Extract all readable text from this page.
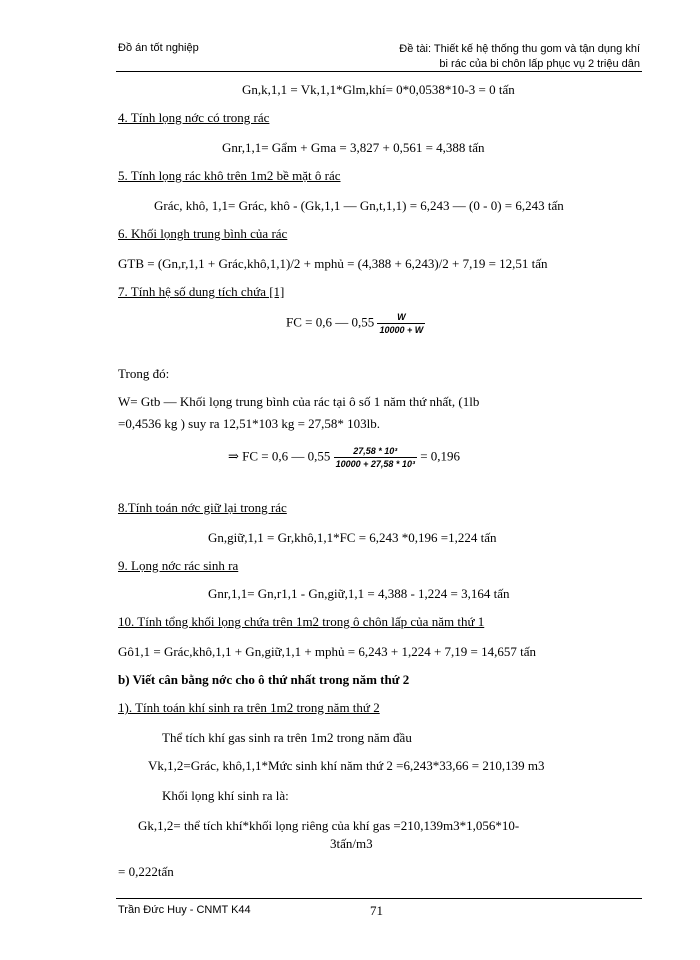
Đồ án tốt nghiệp	Đề tài: Thiết kế hệ thống thu gom và tận dụng khí
bi rác của bi chôn lấp phục vụ 2 triệu dân
Gn,k,1,1 = Vk,1,1*Glm,khí= 0*0,0538*10-3 = 0 tấn
4. Tính lọng nớc có trong rác
Gnr,1,1= Gẩm + Gma = 3,827 + 0,561 = 4,388 tấn
5. Tính lọng rác khô trên 1m2 bề mặt ô rác
Grác, khô, 1,1= Grác, khô - (Gk,1,1 — Gn,t,1,1) = 6,243 — (0 - 0) = 6,243 tấn
6. Khối lọngh trung bình của rác
GTB = (Gn,r,1,1 + Grác,khô,1,1)/2 + mphủ = (4,388 + 6,243)/2 + 7,19 = 12,51 tấn
7. Tính hệ số dung tích chứa [1]
FC = 0,6 — $0,55 \frac{W}{10000 + W}$
Trong đó:
W= Gtb — Khối lọng trung bình của rác tại ô số 1 năm thứ nhất, (1lb
=0,4536 kg ) suy ra 12,51*103 kg = 27,58* 103lb.
⇒ FC = 0,6 — $0,55 \frac{\text{27,58 * 10³}}{\text{10000 + 27,58 * 10³}} = 0,196$
8.Tính toán nớc giữ lại trong rác
Gn,giữ,1,1 = Gr,khô,1,1*FC = 6,243 *0,196 =1,224 tấn
9. Lọng nớc rác sinh ra
Gnr,1,1= Gn,r1,1 - Gn,giữ,1,1 = 4,388 - 1,224 = 3,164 tấn
10. Tính tổng khối lọng chứa trên 1m2 trong ô chôn lấp của năm thứ 1
Gô1,1 = Grác,khô,1,1 + Gn,giữ,1,1 + mphủ = 6,243 + 1,224 + 7,19 = 14,657 tấn
b) Viết cân bằng nớc cho ô thứ nhất trong năm thứ 2
1). Tính toán khí sinh ra trên 1m2 trong năm thứ 2
Thể tích khí gas sinh ra trên 1m2 trong năm đầu
Vk,1,2=Grác, khô,1,1*Mức sinh khí năm thứ 2 =6,243*33,66 = 210,139 m3
Khối lọng khí sinh ra là:
Gk,1,2= thể tích khí*khối lọng riêng của khí gas =210,139m3*1,056*10-
3tấn/m3
= 0,222tấn
Trần Đức Huy - CNMT K44	71
